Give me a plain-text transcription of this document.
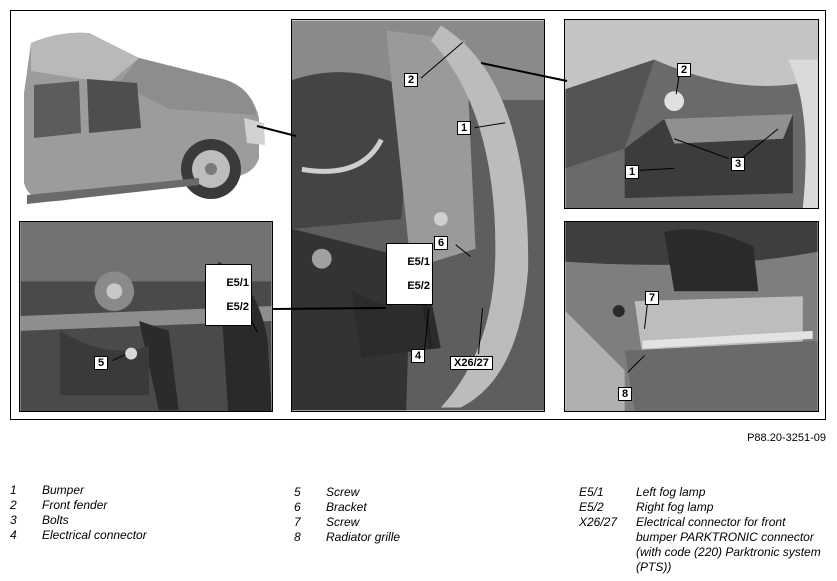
1
2

E5/1

E5/2

6
4
X26/27
2
3
1

E5/1

E5/2

5
7
8
P88.20-3251-09
1 Bumper
2 Front fender
3 Bolts
4 Electrical connector
5 Screw
6 Bracket
7 Screw
8 Radiator grille
E5/1	Left fog lamp
E5/2	Right fog lamp
X26/27 Electrical connector for front bumper PARKTRONIC connector (with code (220) Parktronic system (PTS))
